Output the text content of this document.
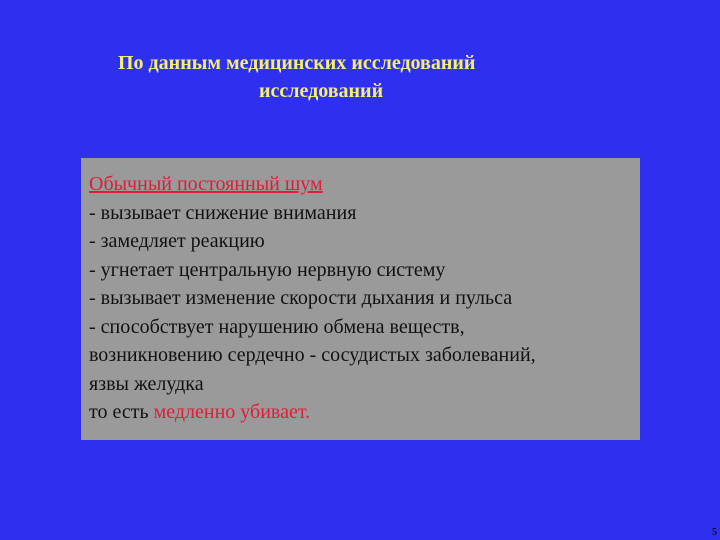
По данным медицинских исследований
исследований
Обычный постоянный шум
- вызывает снижение внимания
- замедляет реакцию
- угнетает центральную нервную систему
- вызывает изменение скорости дыхания и пульса
- способствует нарушению обмена веществ,
возникновению сердечно - сосудистых заболеваний,
язвы желудка
то есть медленно убивает.
5
